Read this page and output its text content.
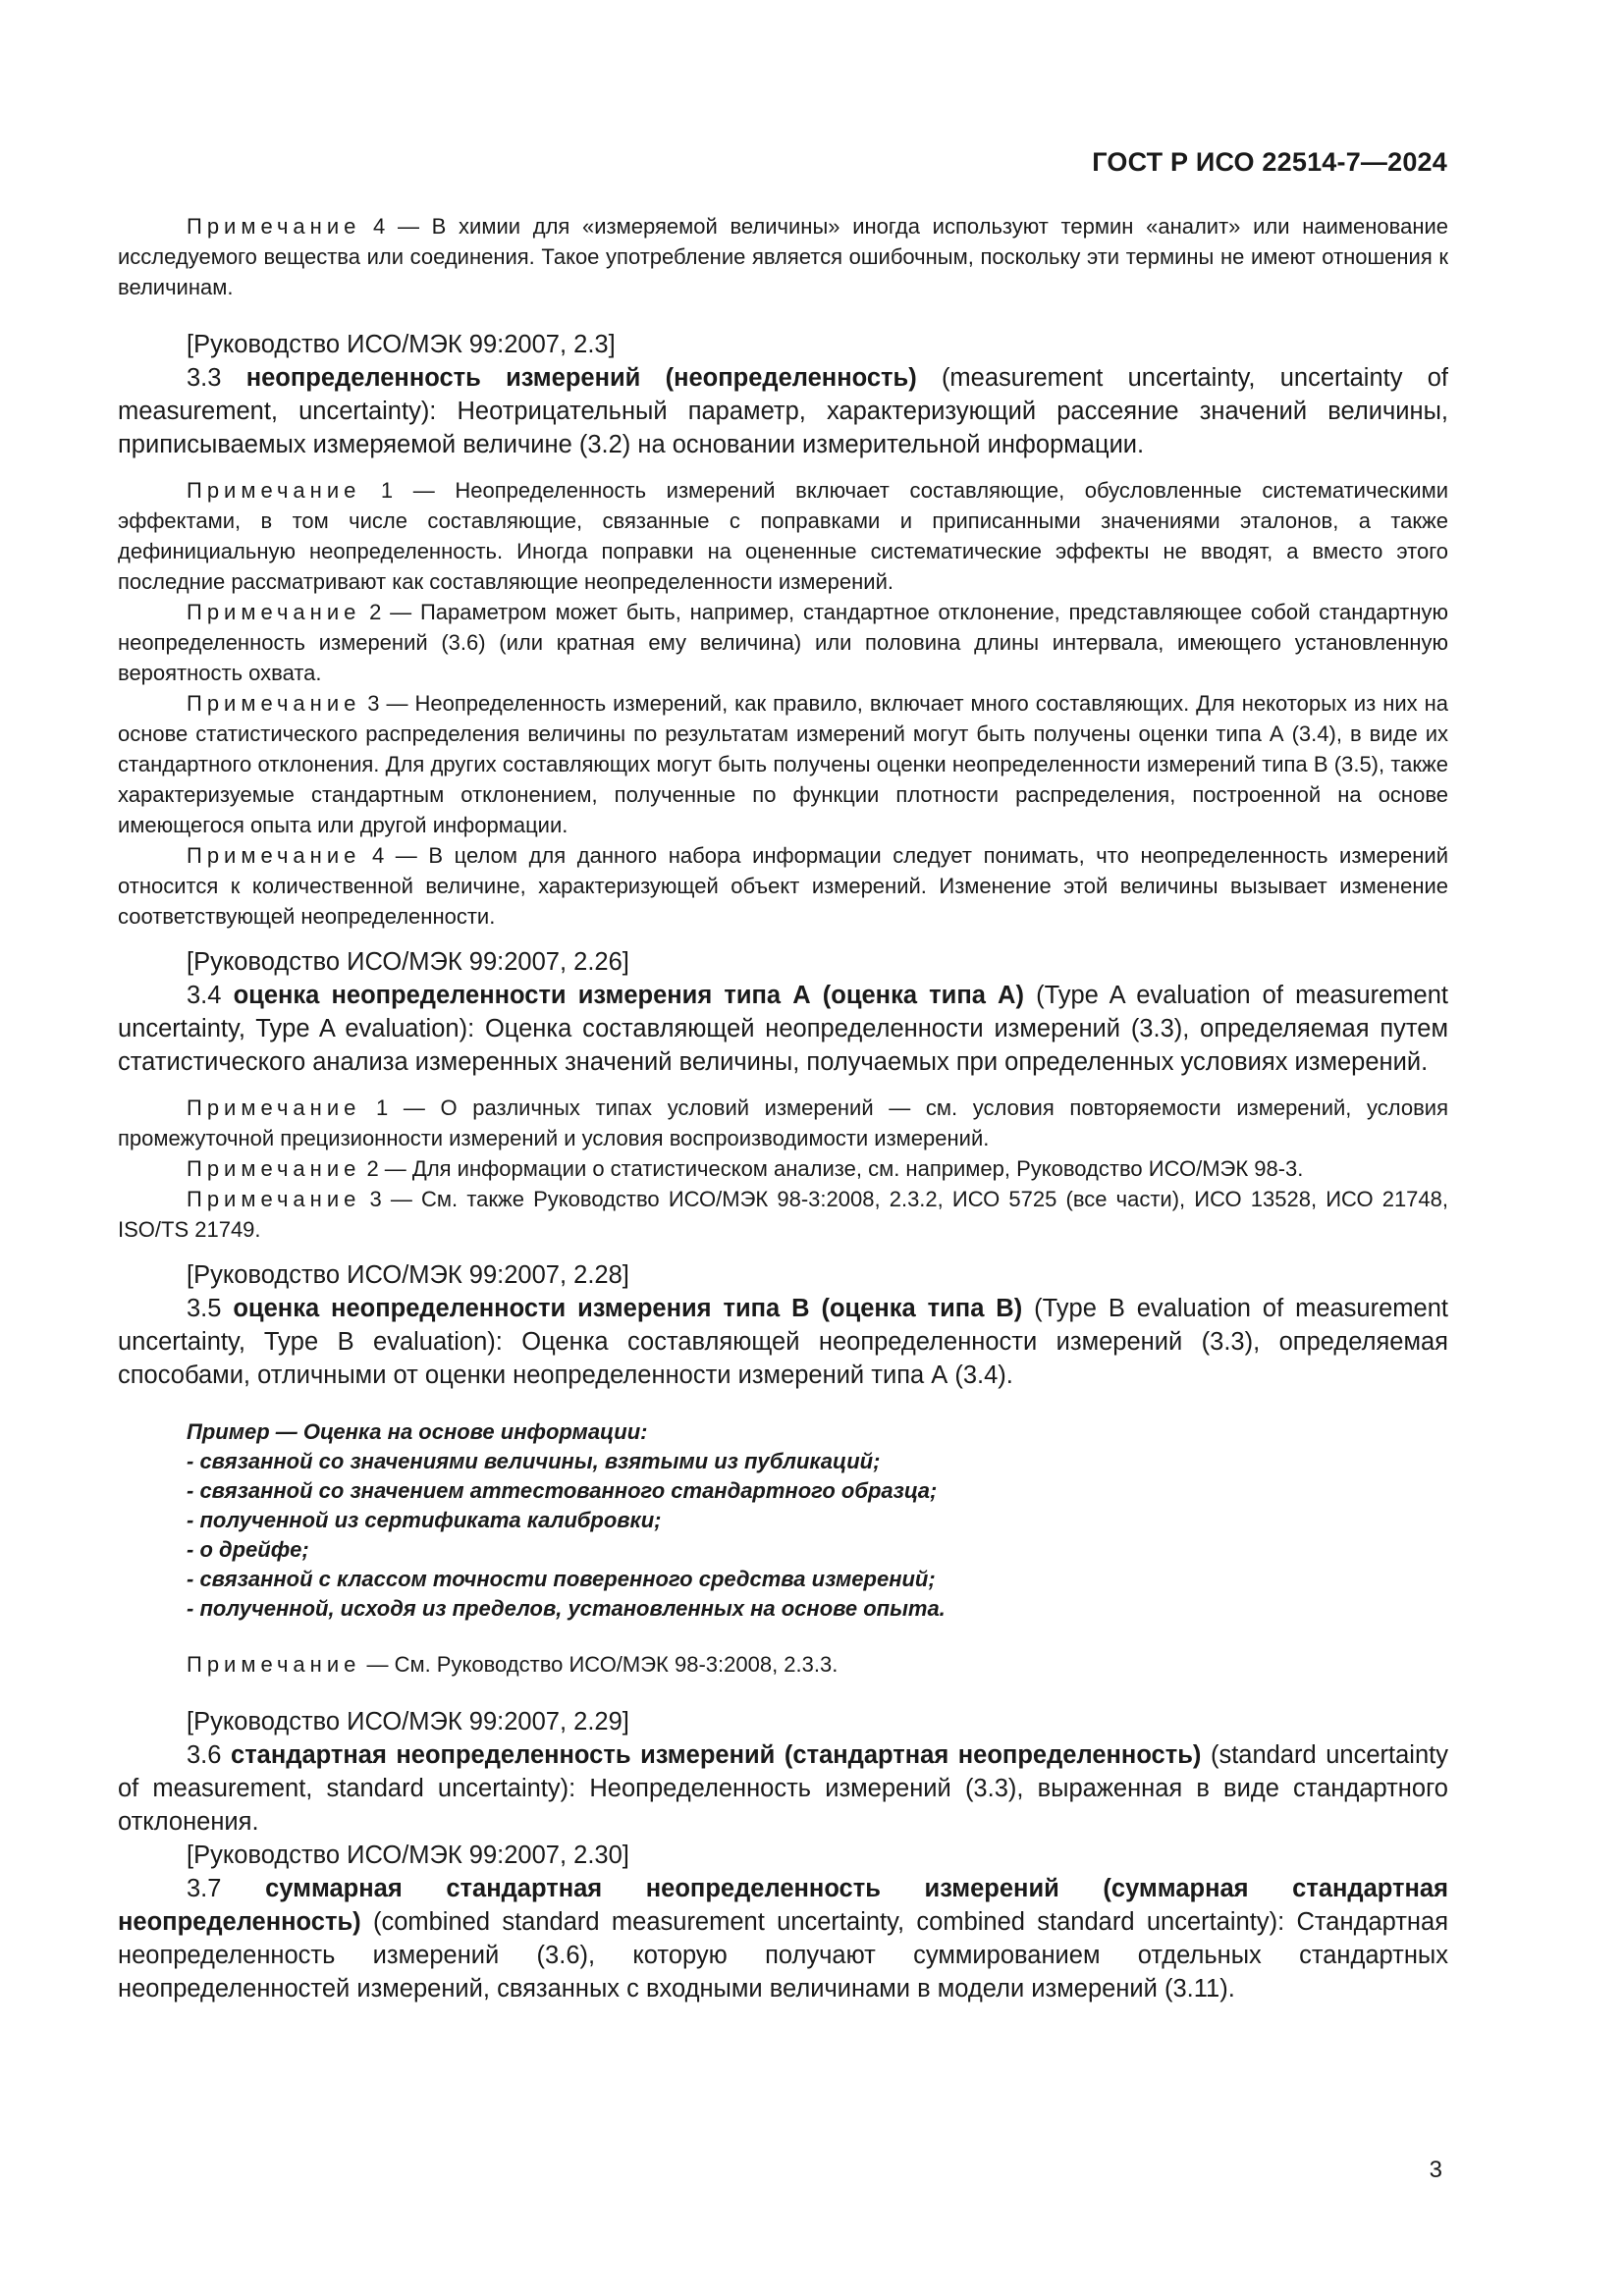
ГОСТ Р ИСО 22514-7—2024

Примечание 4 — В химии для «измеряемой величины» иногда используют термин «аналит» или наименование исследуемого вещества или соединения. Такое употребление является ошибочным, поскольку эти термины не имеют отношения к величинам.

[Руководство ИСО/МЭК 99:2007, 2.3]

3.3 неопределенность измерений (неопределенность) (measurement uncertainty, uncertainty of measurement, uncertainty): Неотрицательный параметр, характеризующий рассеяние значений величины, приписываемых измеряемой величине (3.2) на основании измерительной информации.

Примечание 1 — Неопределенность измерений включает составляющие, обусловленные систематическими эффектами, в том числе составляющие, связанные с поправками и приписанными значениями эталонов, а также дефинициальную неопределенность. Иногда поправки на оцененные систематические эффекты не вводят, а вместо этого последние рассматривают как составляющие неопределенности измерений.

Примечание 2 — Параметром может быть, например, стандартное отклонение, представляющее собой стандартную неопределенность измерений (3.6) (или кратная ему величина) или половина длины интервала, имеющего установленную вероятность охвата.

Примечание 3 — Неопределенность измерений, как правило, включает много составляющих. Для некоторых из них на основе статистического распределения величины по результатам измерений могут быть получены оценки типа А (3.4), в виде их стандартного отклонения. Для других составляющих могут быть получены оценки неопределенности измерений типа В (3.5), также характеризуемые стандартным отклонением, полученные по функции плотности распределения, построенной на основе имеющегося опыта или другой информации.

Примечание 4 — В целом для данного набора информации следует понимать, что неопределенность измерений относится к количественной величине, характеризующей объект измерений. Изменение этой величины вызывает изменение соответствующей неопределенности.

[Руководство ИСО/МЭК 99:2007, 2.26]

3.4 оценка неопределенности измерения типа А (оценка типа А) (Type A evaluation of measurement uncertainty, Type A evaluation): Оценка составляющей неопределенности измерений (3.3), определяемая путем статистического анализа измеренных значений величины, получаемых при определенных условиях измерений.

Примечание 1 — О различных типах условий измерений — см. условия повторяемости измерений, условия промежуточной прецизионности измерений и условия воспроизводимости измерений.

Примечание 2 — Для информации о статистическом анализе, см. например, Руководство ИСО/МЭК 98-3.

Примечание 3 — См. также Руководство ИСО/МЭК 98-3:2008, 2.3.2, ИСО 5725 (все части), ИСО 13528, ИСО 21748, ISO/TS 21749.

[Руководство ИСО/МЭК 99:2007, 2.28]

3.5 оценка неопределенности измерения типа В (оценка типа В) (Type B evaluation of measurement uncertainty, Type B evaluation): Оценка составляющей неопределенности измерений (3.3), определяемая способами, отличными от оценки неопределенности измерений типа А (3.4).

Пример — Оценка на основе информации:
- связанной со значениями величины, взятыми из публикаций;
- связанной со значением аттестованного стандартного образца;
- полученной из сертификата калибровки;
- о дрейфе;
- связанной с классом точности поверенного средства измерений;
- полученной, исходя из пределов, установленных на основе опыта.

Примечание — См. Руководство ИСО/МЭК 98-3:2008, 2.3.3.

[Руководство ИСО/МЭК 99:2007, 2.29]

3.6 стандартная неопределенность измерений (стандартная неопределенность) (standard uncertainty of measurement, standard uncertainty): Неопределенность измерений (3.3), выраженная в виде стандартного отклонения.

[Руководство ИСО/МЭК 99:2007, 2.30]

3.7 суммарная стандартная неопределенность измерений (суммарная стандартная неопределенность) (combined standard measurement uncertainty, combined standard uncertainty): Стандартная неопределенность измерений (3.6), которую получают суммированием отдельных стандартных неопределенностей измерений, связанных с входными величинами в модели измерений (3.11).

3
